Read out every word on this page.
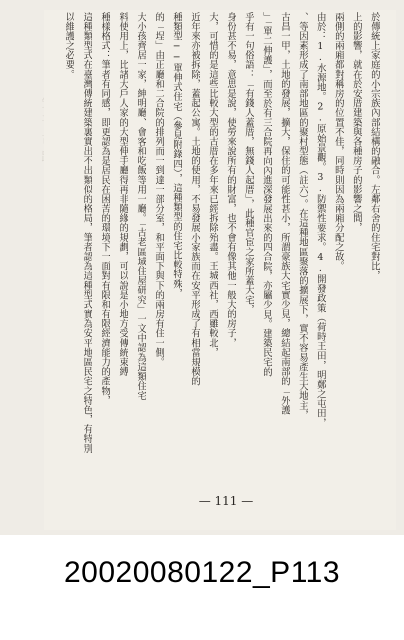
於傳統上家庭的小宗族內部結構的融合。左鄰右舍的住宅對比，
上的影響，就在於安厝建築與各種房子的影響之間，
兩側的兩廂都對稱房的位置不佳，同時則因為兩廂分配之故。
由於：1.水源地。2.原始景觀。3.防禦性要求。4.開發政策（荷時王田，明鄭之屯田，
、等因素形成了南部地區的聚村型態（註六）。在這種地區聚落的擴展下，實不容易產生大地主，
古昌一甲，土地的發展，擴大，保住的可能性甚小，所謂豪族大宅實少見，總結起南部的「外護
」「單二伸護」，而至於有三合院再向內進深發展出來的四合院，亦屬少見。建築民宅的
乎有一句俗語：「有錢人蓋厝，無錢人起厝」，此種官宦之家所蓋大宅，
身份甚不易，意思是說，使勞來說所有的財富，也不會有像其他一般大的房子，
大，可惜的是這些比較大型的古厝在多年來已經拆除殆盡。王城西社，西雖較北，
近年來亦被拆除，蓋起公寓。土地的使用，不易發展小家族而在安平形成了有相當規模的
種類型──單伸式住宅（參見附錄四），這種類型的住宅比較特殊，
的「埕」由正廳和二合院的排列而一到達一部分室，和平面下與下的兩房有住一側。
大小孩齊居一家，紳明廳、會客和吃飯等用一廳。「古老區域住屋研究」一文中認為這類住宅
料使用上，比諸大戶人家的大型伸手廳得再非隨緣的規劃，可以說是小地方受傳統束縛
種樣格式：筆者有同感，即更認為是居民在困苦的環境下一面對有限和有限經濟能力的產物，
這種類型式在臺灣傳統建築裏實出不出類似的格局，筆者認為這種型式實為安平地區民宅之特色，有特別
以維護之必要。
— 111 —
20020080122_P113
